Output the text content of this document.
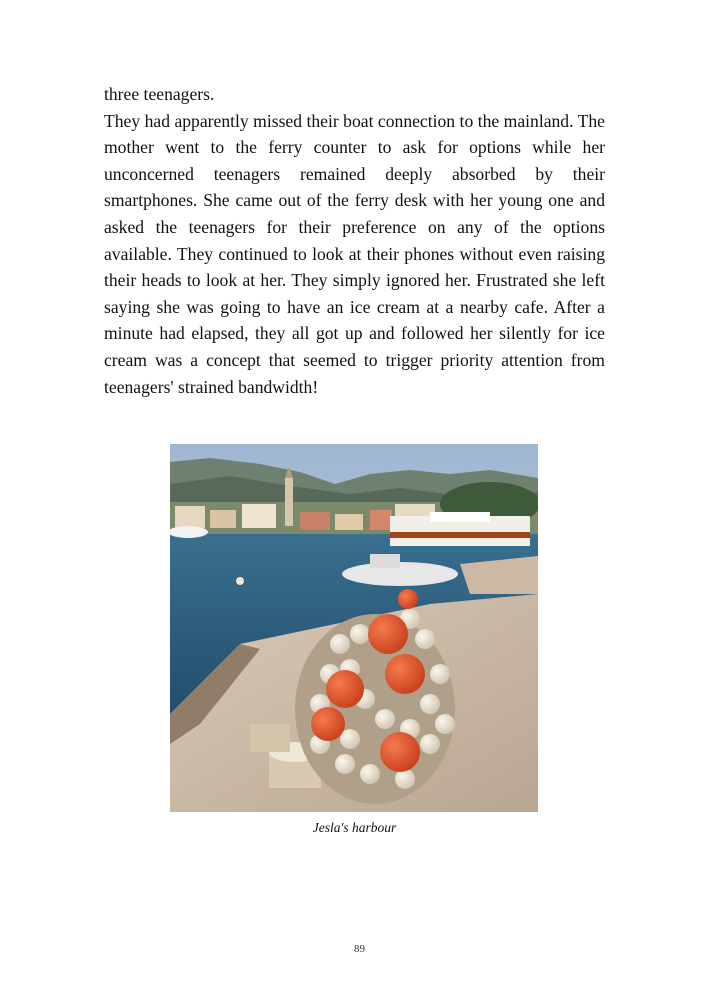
three teenagers.

They had apparently missed their boat connection to the mainland. The mother went to the ferry counter to ask for options while her unconcerned teenagers remained deeply absorbed by their smartphones. She came out of the ferry desk with her young one and asked the teenagers for their preference on any of the options available. They continued to look at their phones without even raising their heads to look at her. They simply ignored her. Frustrated she left saying she was going to have an ice cream at a nearby cafe. After a minute had elapsed, they all got up and followed her silently for ice cream was a concept that seemed to trigger priority attention from teenagers' strained bandwidth!

Jesla's harbour
89
